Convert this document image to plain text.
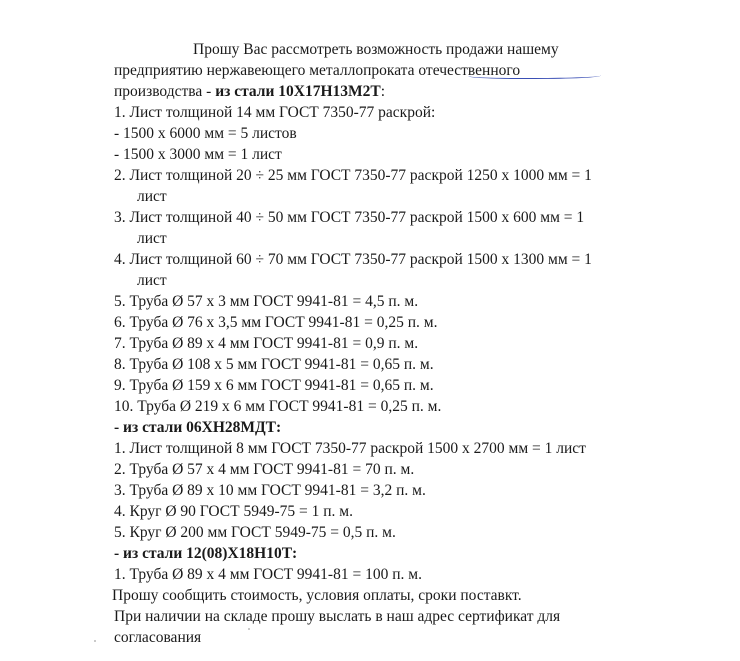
Прошу Вас рассмотреть возможность продажи нашему
предприятию нержавеющего металлопроката отечественного
производства - из стали 10Х17Н13М2Т:
1. Лист толщиной 14 мм ГОСТ 7350-77 раскрой:
- 1500 х 6000 мм = 5 листов
- 1500 х 3000 мм = 1 лист
2. Лист толщиной 20 ÷ 25 мм ГОСТ 7350-77 раскрой 1250 х 1000 мм = 1
лист
3. Лист толщиной 40 ÷ 50 мм ГОСТ 7350-77 раскрой 1500 х 600 мм = 1
лист
4. Лист толщиной 60 ÷ 70 мм ГОСТ 7350-77 раскрой 1500 х 1300 мм = 1
лист
5. Труба Ø 57 х 3 мм ГОСТ 9941-81 = 4,5 п. м.
6. Труба Ø 76 х 3,5 мм ГОСТ 9941-81 = 0,25 п. м.
7. Труба Ø 89 х 4 мм ГОСТ 9941-81 = 0,9 п. м.
8. Труба Ø 108 х 5 мм ГОСТ 9941-81 = 0,65 п. м.
9. Труба Ø 159 х 6 мм ГОСТ 9941-81 = 0,65 п. м.
10. Труба Ø 219 х 6 мм ГОСТ 9941-81 = 0,25 п. м.
- из стали 06ХН28МДТ:
1. Лист толщиной 8 мм ГОСТ 7350-77 раскрой 1500 х 2700 мм = 1 лист
2. Труба Ø 57 х 4 мм ГОСТ 9941-81 = 70 п. м.
3. Труба Ø 89 х 10 мм ГОСТ 9941-81 = 3,2 п. м.
4. Круг Ø 90 ГОСТ 5949-75 = 1 п. м.
5. Круг Ø 200 мм ГОСТ 5949-75 = 0,5 п. м.
- из стали 12(08)Х18Н10Т:
1. Труба Ø 89 х 4 мм ГОСТ 9941-81 = 100 п. м.
Прошу сообщить стоимость, условия оплаты, сроки поставкт.
При наличии на складе прошу выслать в наш адрес сертификат для
согласования
